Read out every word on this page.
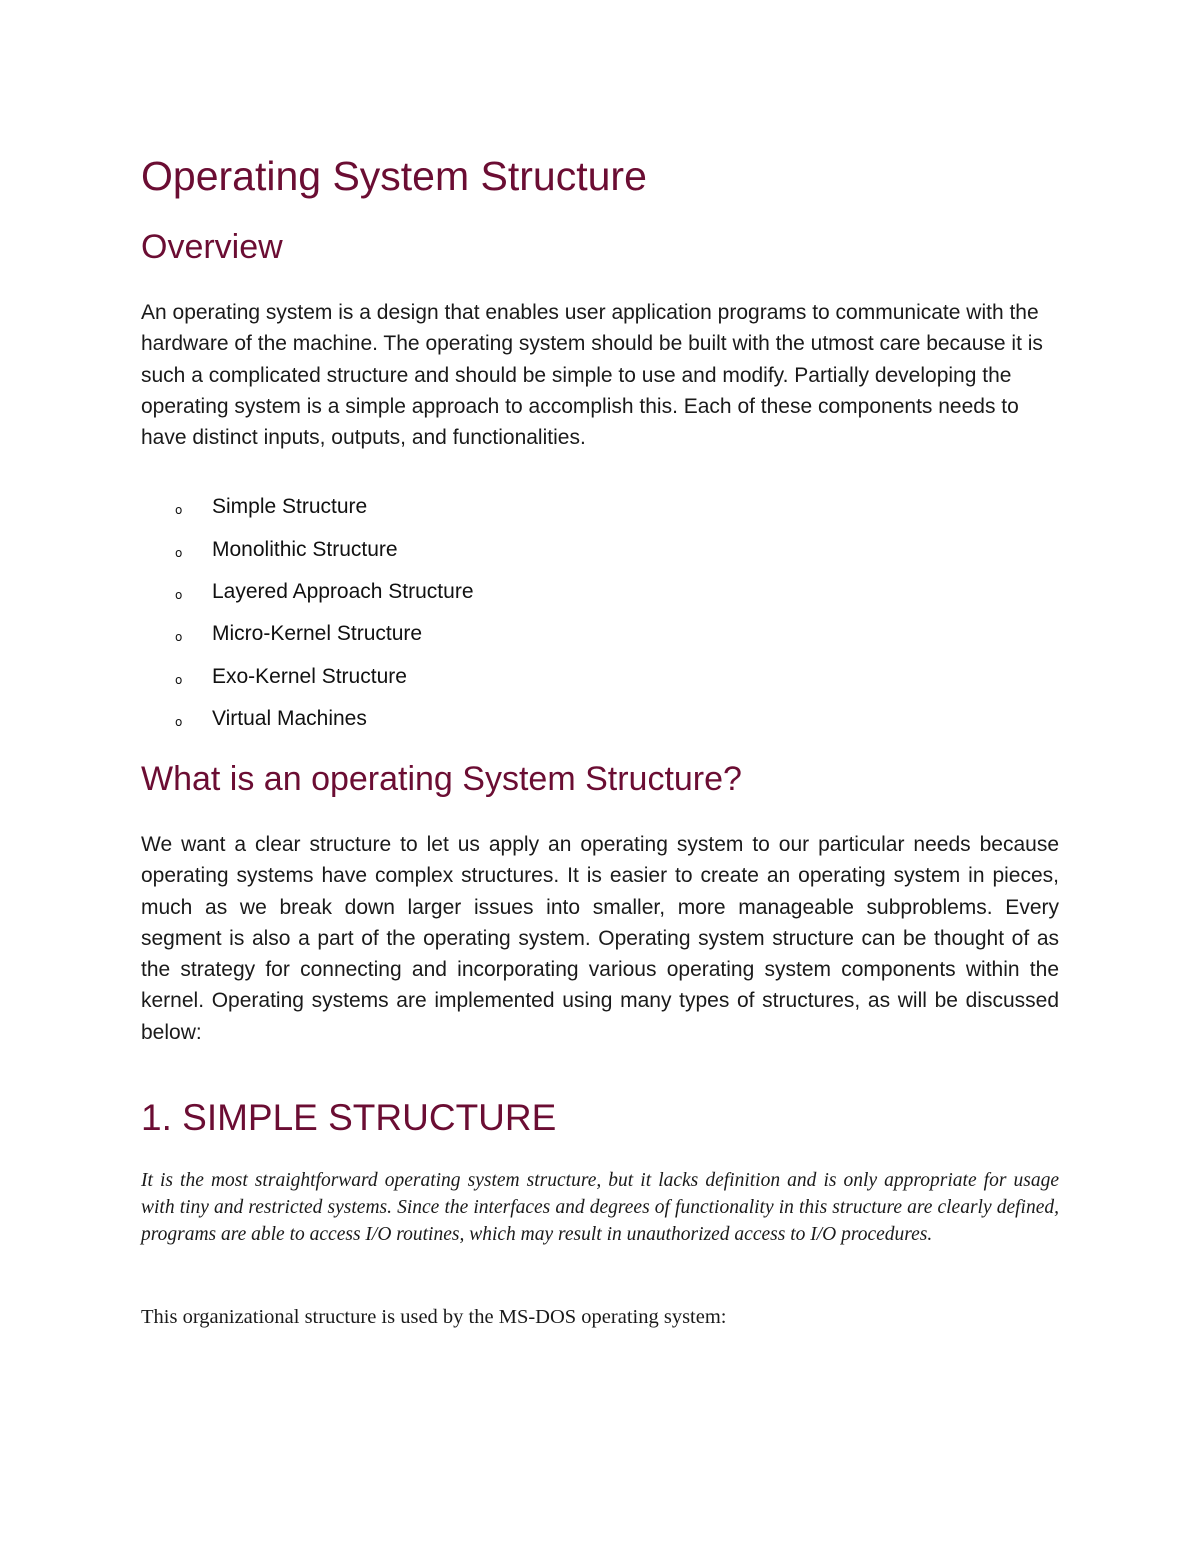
Operating System Structure
Overview

An operating system is a design that enables user application programs to communicate with the hardware of the machine. The operating system should be built with the utmost care because it is such a complicated structure and should be simple to use and modify. Partially developing the operating system is a simple approach to accomplish this. Each of these components needs to have distinct inputs, outputs, and functionalities.

o	Simple Structure
o	Monolithic Structure
o	Layered Approach Structure
o	Micro-Kernel Structure
o	Exo-Kernel Structure
o	Virtual Machines
What is an operating System Structure?

We want a clear structure to let us apply an operating system to our particular needs because operating systems have complex structures. It is easier to create an operating system in pieces, much as we break down larger issues into smaller, more manageable subproblems. Every segment is also a part of the operating system. Operating system structure can be thought of as the strategy for connecting and incorporating various operating system components within the kernel. Operating systems are implemented using many types of structures, as will be discussed below:

1. SIMPLE STRUCTURE

It is the most straightforward operating system structure, but it lacks definition and is only appropriate for usage with tiny and restricted systems. Since the interfaces and degrees of functionality in this structure are clearly defined, programs are able to access I/O routines, which may result in unauthorized access to I/O procedures.

This organizational structure is used by the MS-DOS operating system:
